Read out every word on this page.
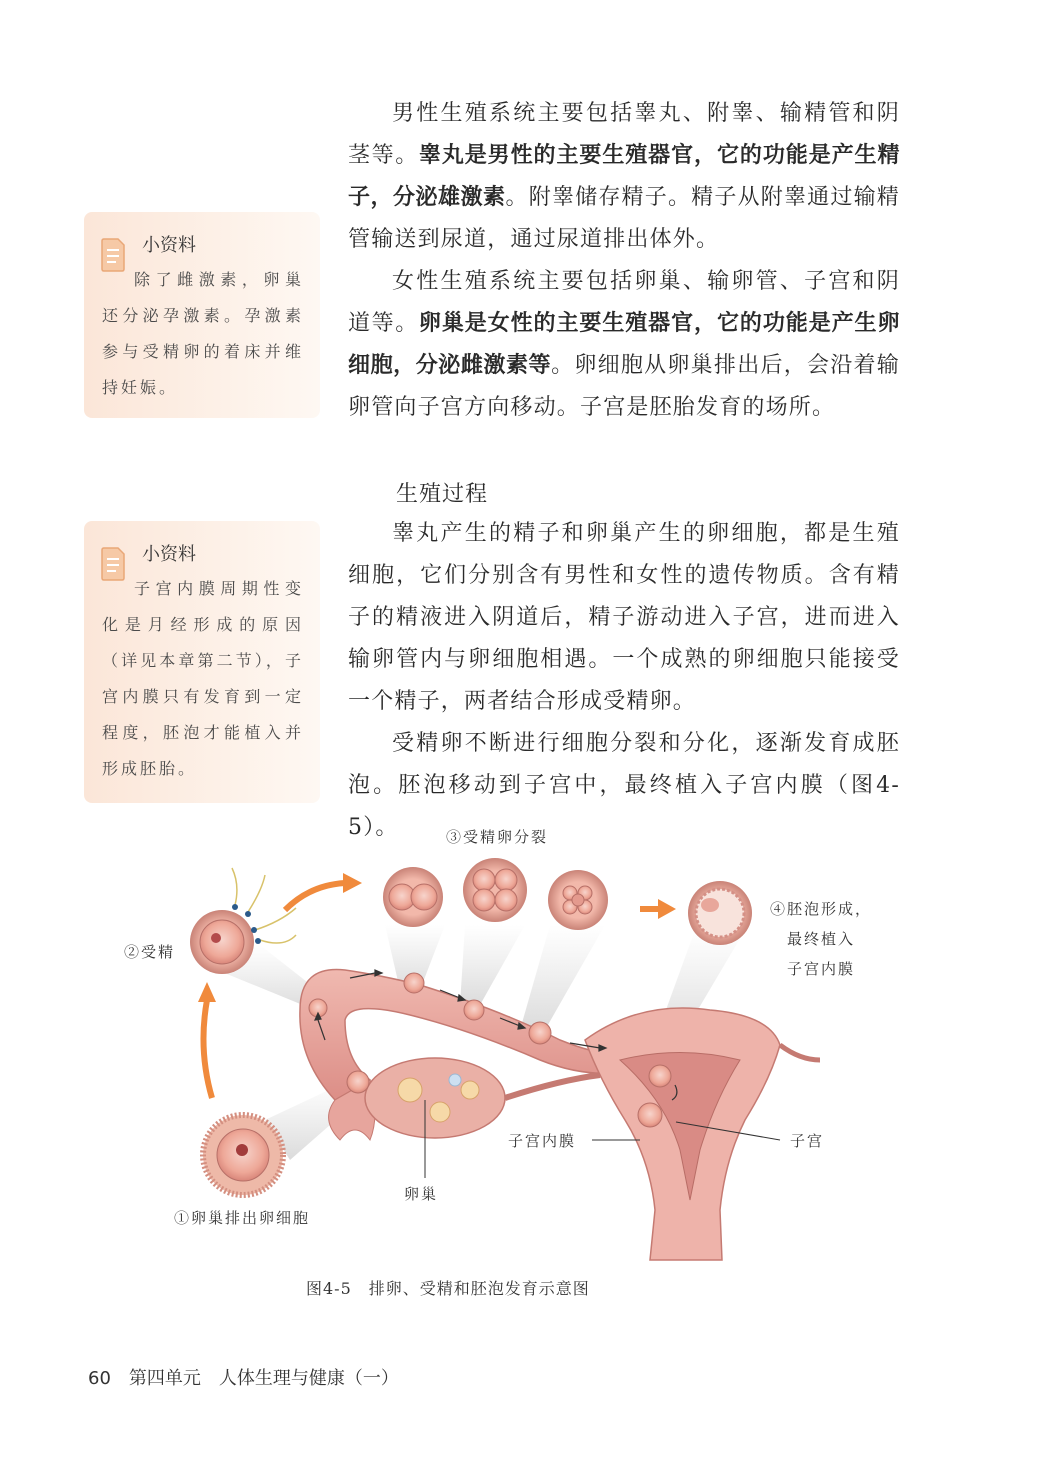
男性生殖系统主要包括睾丸、附睾、输精管和阴茎等。睾丸是男性的主要生殖器官，它的功能是产生精子，分泌雄激素。附睾储存精子。精子从附睾通过输精管输送到尿道，通过尿道排出体外。

女性生殖系统主要包括卵巢、输卵管、子宫和阴道等。卵巢是女性的主要生殖器官，它的功能是产生卵细胞，分泌雌激素等。卵细胞从卵巢排出后，会沿着输卵管向子宫方向移动。子宫是胚胎发育的场所。

生殖过程

睾丸产生的精子和卵巢产生的卵细胞，都是生殖细胞，它们分别含有男性和女性的遗传物质。含有精子的精液进入阴道后，精子游动进入子宫，进而进入输卵管内与卵细胞相遇。一个成熟的卵细胞只能接受一个精子，两者结合形成受精卵。

受精卵不断进行细胞分裂和分化，逐渐发育成胚泡。胚泡移动到子宫中，最终植入子宫内膜（图4-5）。

小资料
除了雌激素，卵巢还分泌孕激素。孕激素参与受精卵的着床并维持妊娠。
小资料
子宫内膜周期性变化是月经形成的原因（详见本章第二节），子宫内膜只有发育到一定程度，胚泡才能植入并形成胚胎。
③受精卵分裂
②受精
④胚泡形成，
最终植入
子宫内膜
子宫内膜	子宫
卵巢
①卵巢排出卵细胞
图4-5　排卵、受精和胚泡发育示意图
60 第四单元　人体生理与健康（一）
